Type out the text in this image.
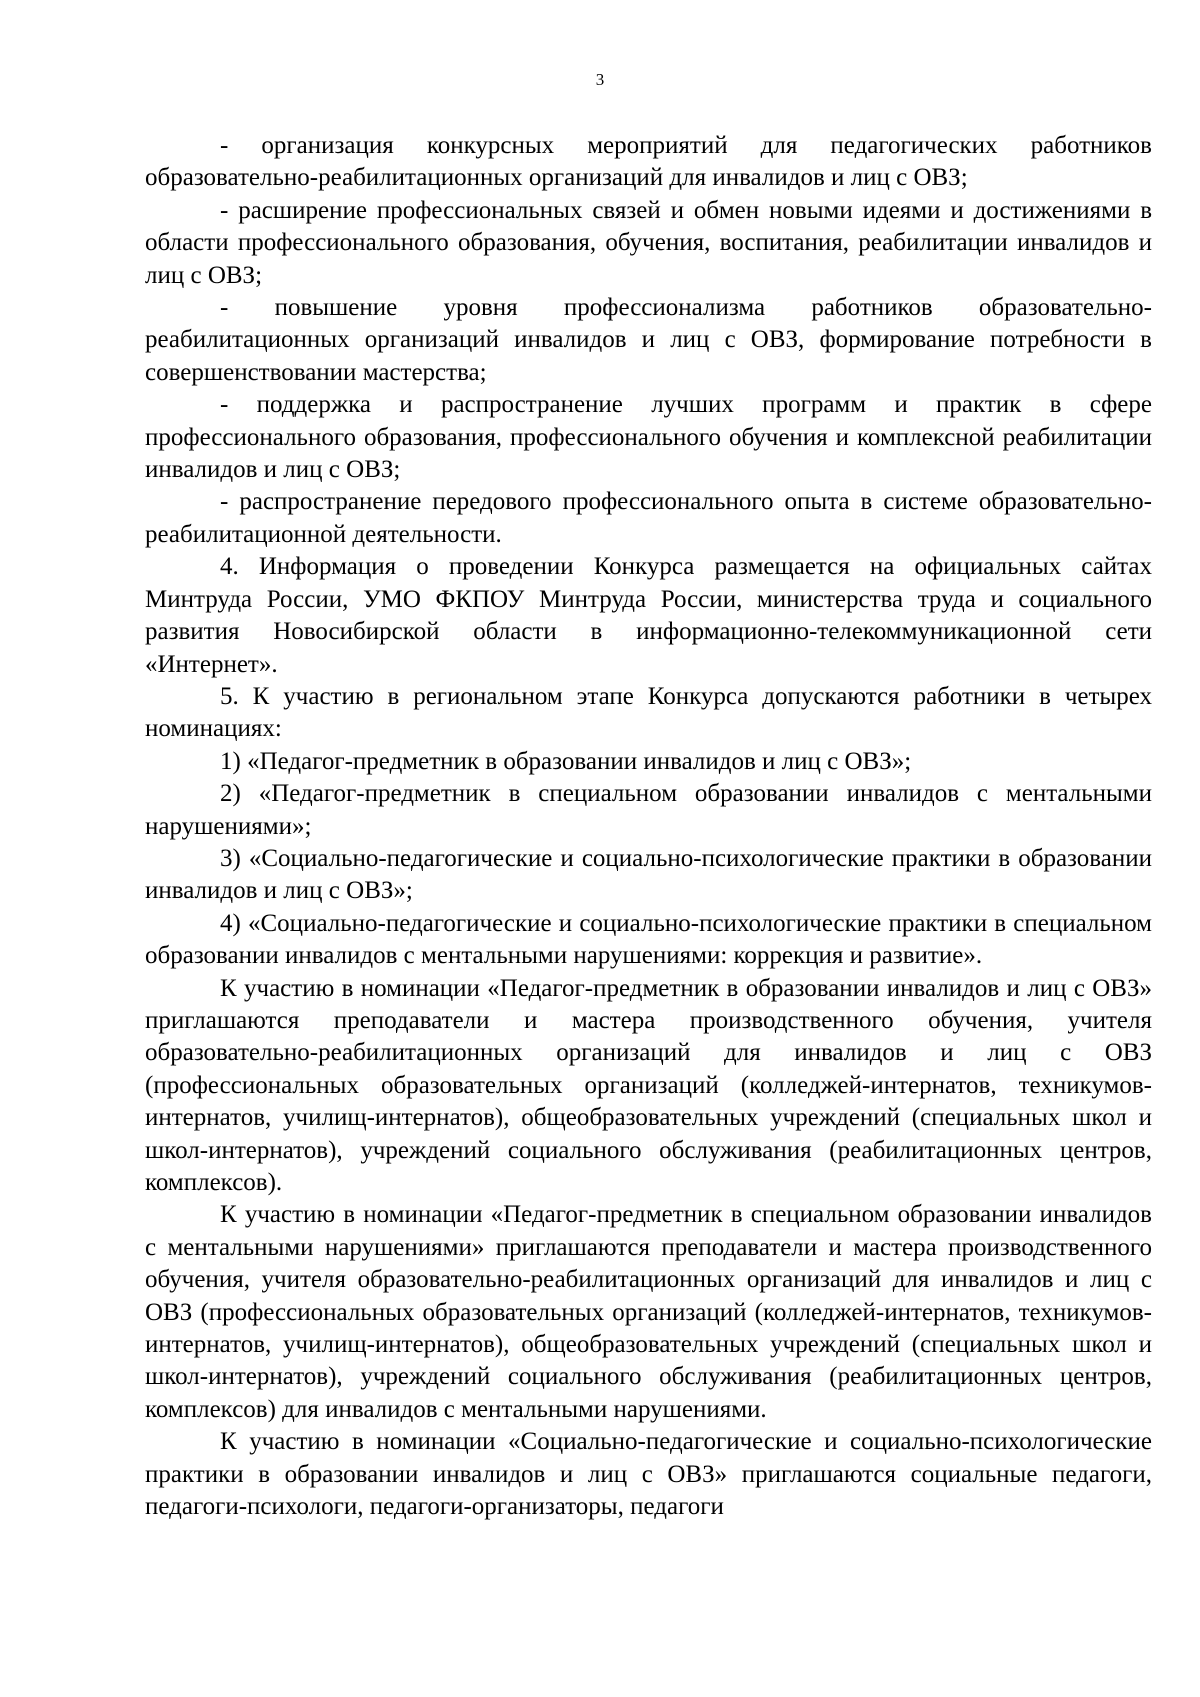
3

- организация конкурсных мероприятий для педагогических работников образовательно-реабилитационных организаций для инвалидов и лиц с ОВЗ;

- расширение профессиональных связей и обмен новыми идеями и достижениями в области профессионального образования, обучения, воспитания, реабилитации инвалидов и лиц с ОВЗ;

- повышение уровня профессионализма работников образовательно-реабилитационных организаций инвалидов и лиц с ОВЗ, формирование потребности в совершенствовании мастерства;

- поддержка и распространение лучших программ и практик в сфере профессионального образования, профессионального обучения и комплексной реабилитации инвалидов и лиц с ОВЗ;

- распространение передового профессионального опыта в системе образовательно-реабилитационной деятельности.

4. Информация о проведении Конкурса размещается на официальных сайтах Минтруда России, УМО ФКПОУ Минтруда России, министерства труда и социального развития Новосибирской области в информационно-телекоммуникационной сети «Интернет».

5. К участию в региональном этапе Конкурса допускаются работники в четырех номинациях:

1) «Педагог-предметник в образовании инвалидов и лиц с ОВЗ»;

2) «Педагог-предметник в специальном образовании инвалидов с ментальными нарушениями»;

3) «Социально-педагогические и социально-психологические практики в образовании инвалидов и лиц с ОВЗ»;

4) «Социально-педагогические и социально-психологические практики в специальном образовании инвалидов с ментальными нарушениями: коррекция и развитие».

К участию в номинации «Педагог-предметник в образовании инвалидов и лиц с ОВЗ» приглашаются преподаватели и мастера производственного обучения, учителя образовательно-реабилитационных организаций для инвалидов и лиц с ОВЗ (профессиональных образовательных организаций (колледжей-интернатов, техникумов-интернатов, училищ-интернатов), общеобразовательных учреждений (специальных школ и школ-интернатов), учреждений социального обслуживания (реабилитационных центров, комплексов).

К участию в номинации «Педагог-предметник в специальном образовании инвалидов с ментальными нарушениями» приглашаются преподаватели и мастера производственного обучения, учителя образовательно-реабилитационных организаций для инвалидов и лиц с ОВЗ (профессиональных образовательных организаций (колледжей-интернатов, техникумов-интернатов, училищ-интернатов), общеобразовательных учреждений (специальных школ и школ-интернатов), учреждений социального обслуживания (реабилитационных центров, комплексов) для инвалидов с ментальными нарушениями.

К участию в номинации «Социально-педагогические и социально-психологические практики в образовании инвалидов и лиц с ОВЗ» приглашаются социальные педагоги, педагоги-психологи, педагоги-организаторы, педагоги
